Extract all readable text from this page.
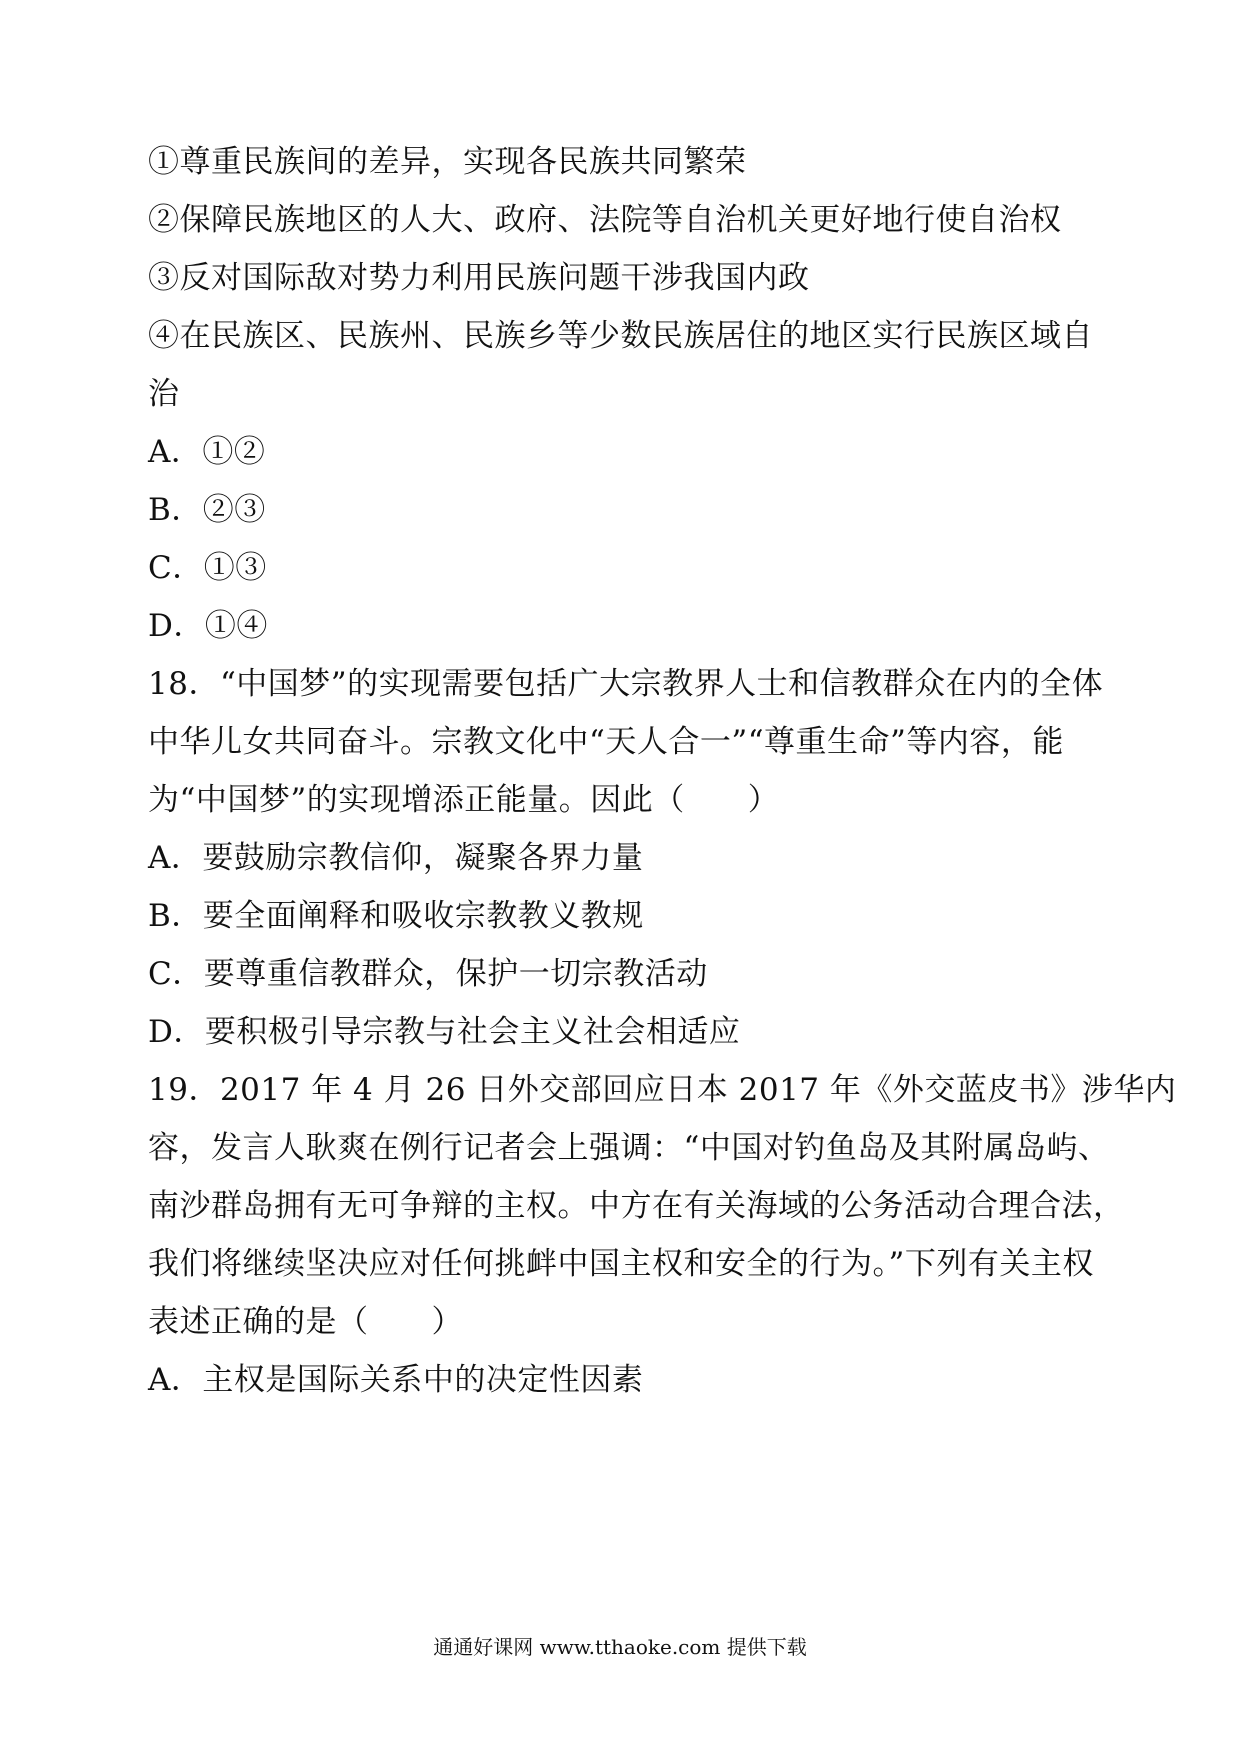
①尊重民族间的差异，实现各民族共同繁荣
②保障民族地区的人大、政府、法院等自治机关更好地行使自治权
③反对国际敌对势力利用民族问题干涉我国内政
④在民族区、民族州、民族乡等少数民族居住的地区实行民族区域自
治
A．①②
B．②③
C．①③
D．①④
18．“中国梦”的实现需要包括广大宗教界人士和信教群众在内的全体
中华儿女共同奋斗。宗教文化中“天人合一”“尊重生命”等内容，能
为“中国梦”的实现增添正能量。因此（　　）
A．要鼓励宗教信仰，凝聚各界力量
B．要全面阐释和吸收宗教教义教规
C．要尊重信教群众，保护一切宗教活动
D．要积极引导宗教与社会主义社会相适应
19．2017 年 4 月 26 日外交部回应日本 2017 年《外交蓝皮书》涉华内
容，发言人耿爽在例行记者会上强调：“中国对钓鱼岛及其附属岛屿、
南沙群岛拥有无可争辩的主权。中方在有关海域的公务活动合理合法，
我们将继续坚决应对任何挑衅中国主权和安全的行为。”下列有关主权
表述正确的是（　　）
A．主权是国际关系中的决定性因素
通通好课网 www.tthaoke.com 提供下载
